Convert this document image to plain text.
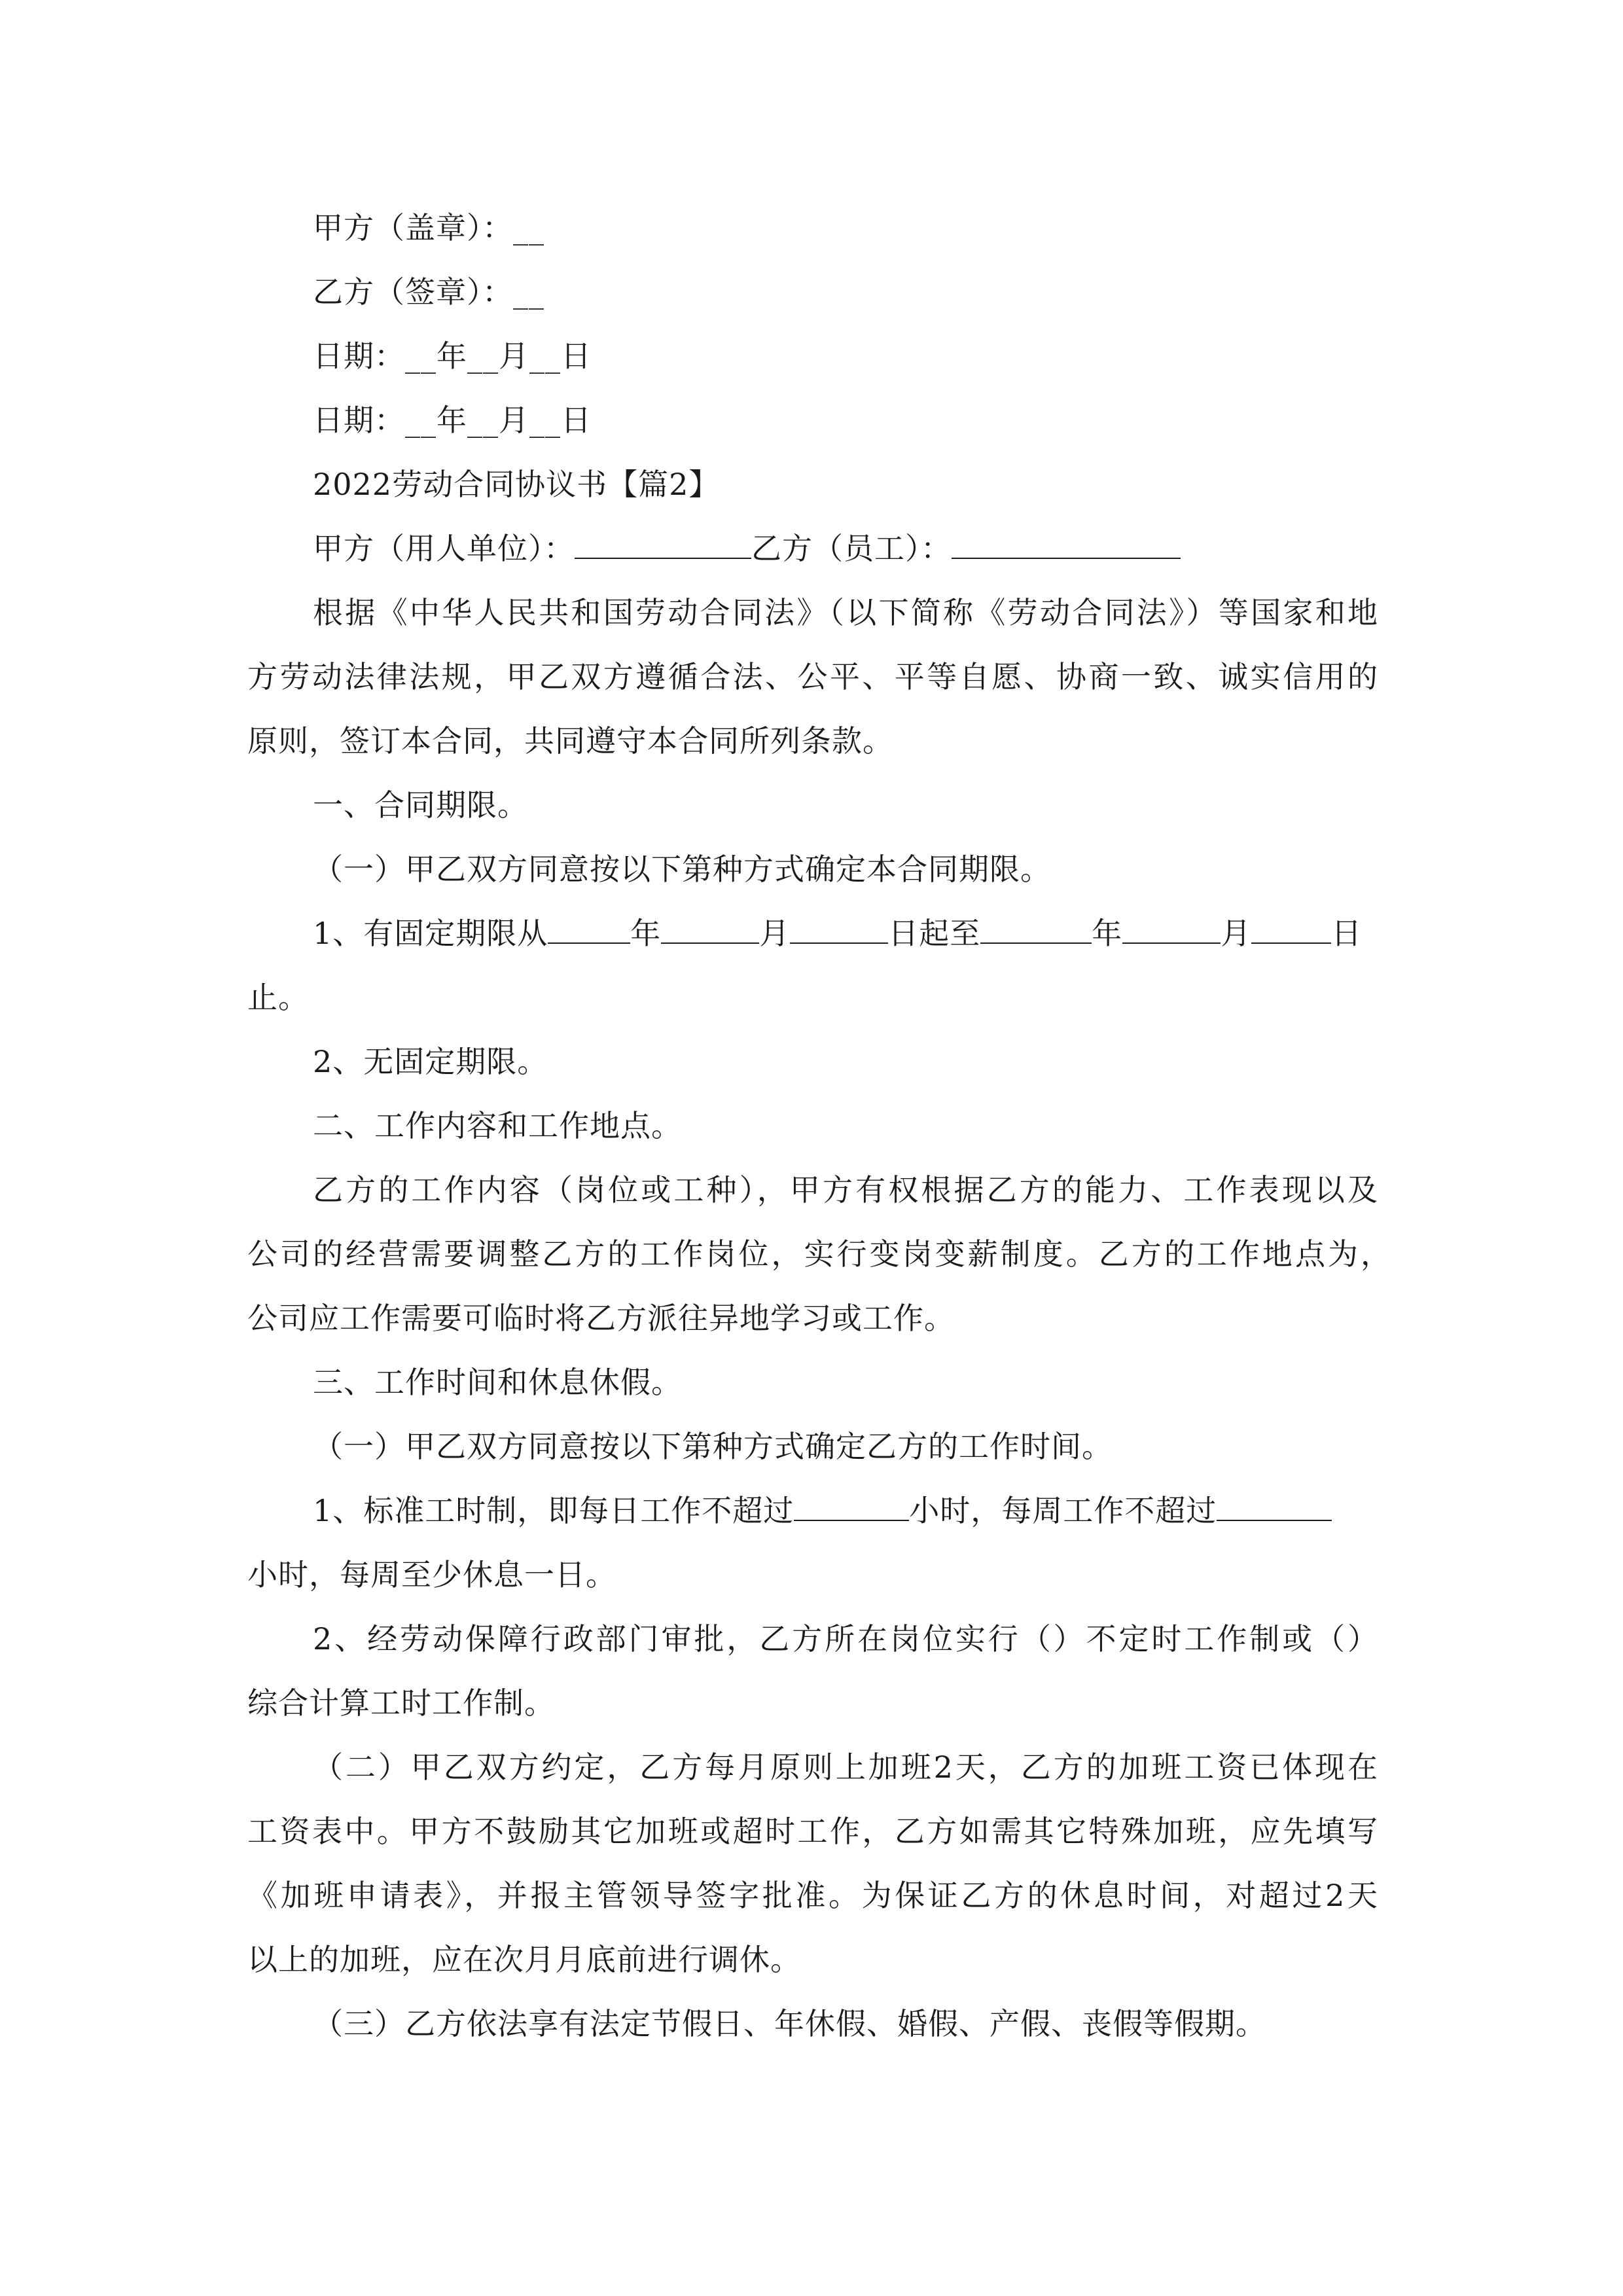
甲方（盖章）：__
乙方（签章）：__
日期：__年__月__日
日期：__年__月__日
2022劳动合同协议书【篇2】
甲方（用人单位）：	乙方（员工）：
根据《中华人民共和国劳动合同法》（以下简称《劳动合同法》）等国家和地
方劳动法律法规，甲乙双方遵循合法、公平、平等自愿、协商一致、诚实信用的
原则，签订本合同，共同遵守本合同所列条款。
一、合同期限。
（一）甲乙双方同意按以下第种方式确定本合同期限。
1、有固定期限从	年	月	日起至	年	月	日
止。
2、无固定期限。
二、工作内容和工作地点。
乙方的工作内容（岗位或工种），甲方有权根据乙方的能力、工作表现以及
公司的经营需要调整乙方的工作岗位，实行变岗变薪制度。乙方的工作地点为，
公司应工作需要可临时将乙方派往异地学习或工作。
三、工作时间和休息休假。
（一）甲乙双方同意按以下第种方式确定乙方的工作时间。
1、标准工时制，即每日工作不超过	小时，每周工作不超过
小时，每周至少休息一日。
2、经劳动保障行政部门审批，乙方所在岗位实行（）不定时工作制或（）
综合计算工时工作制。
（二）甲乙双方约定，乙方每月原则上加班2天，乙方的加班工资已体现在
工资表中。甲方不鼓励其它加班或超时工作，乙方如需其它特殊加班，应先填写
《加班申请表》，并报主管领导签字批准。为保证乙方的休息时间，对超过2天
以上的加班，应在次月月底前进行调休。
（三）乙方依法享有法定节假日、年休假、婚假、产假、丧假等假期。
